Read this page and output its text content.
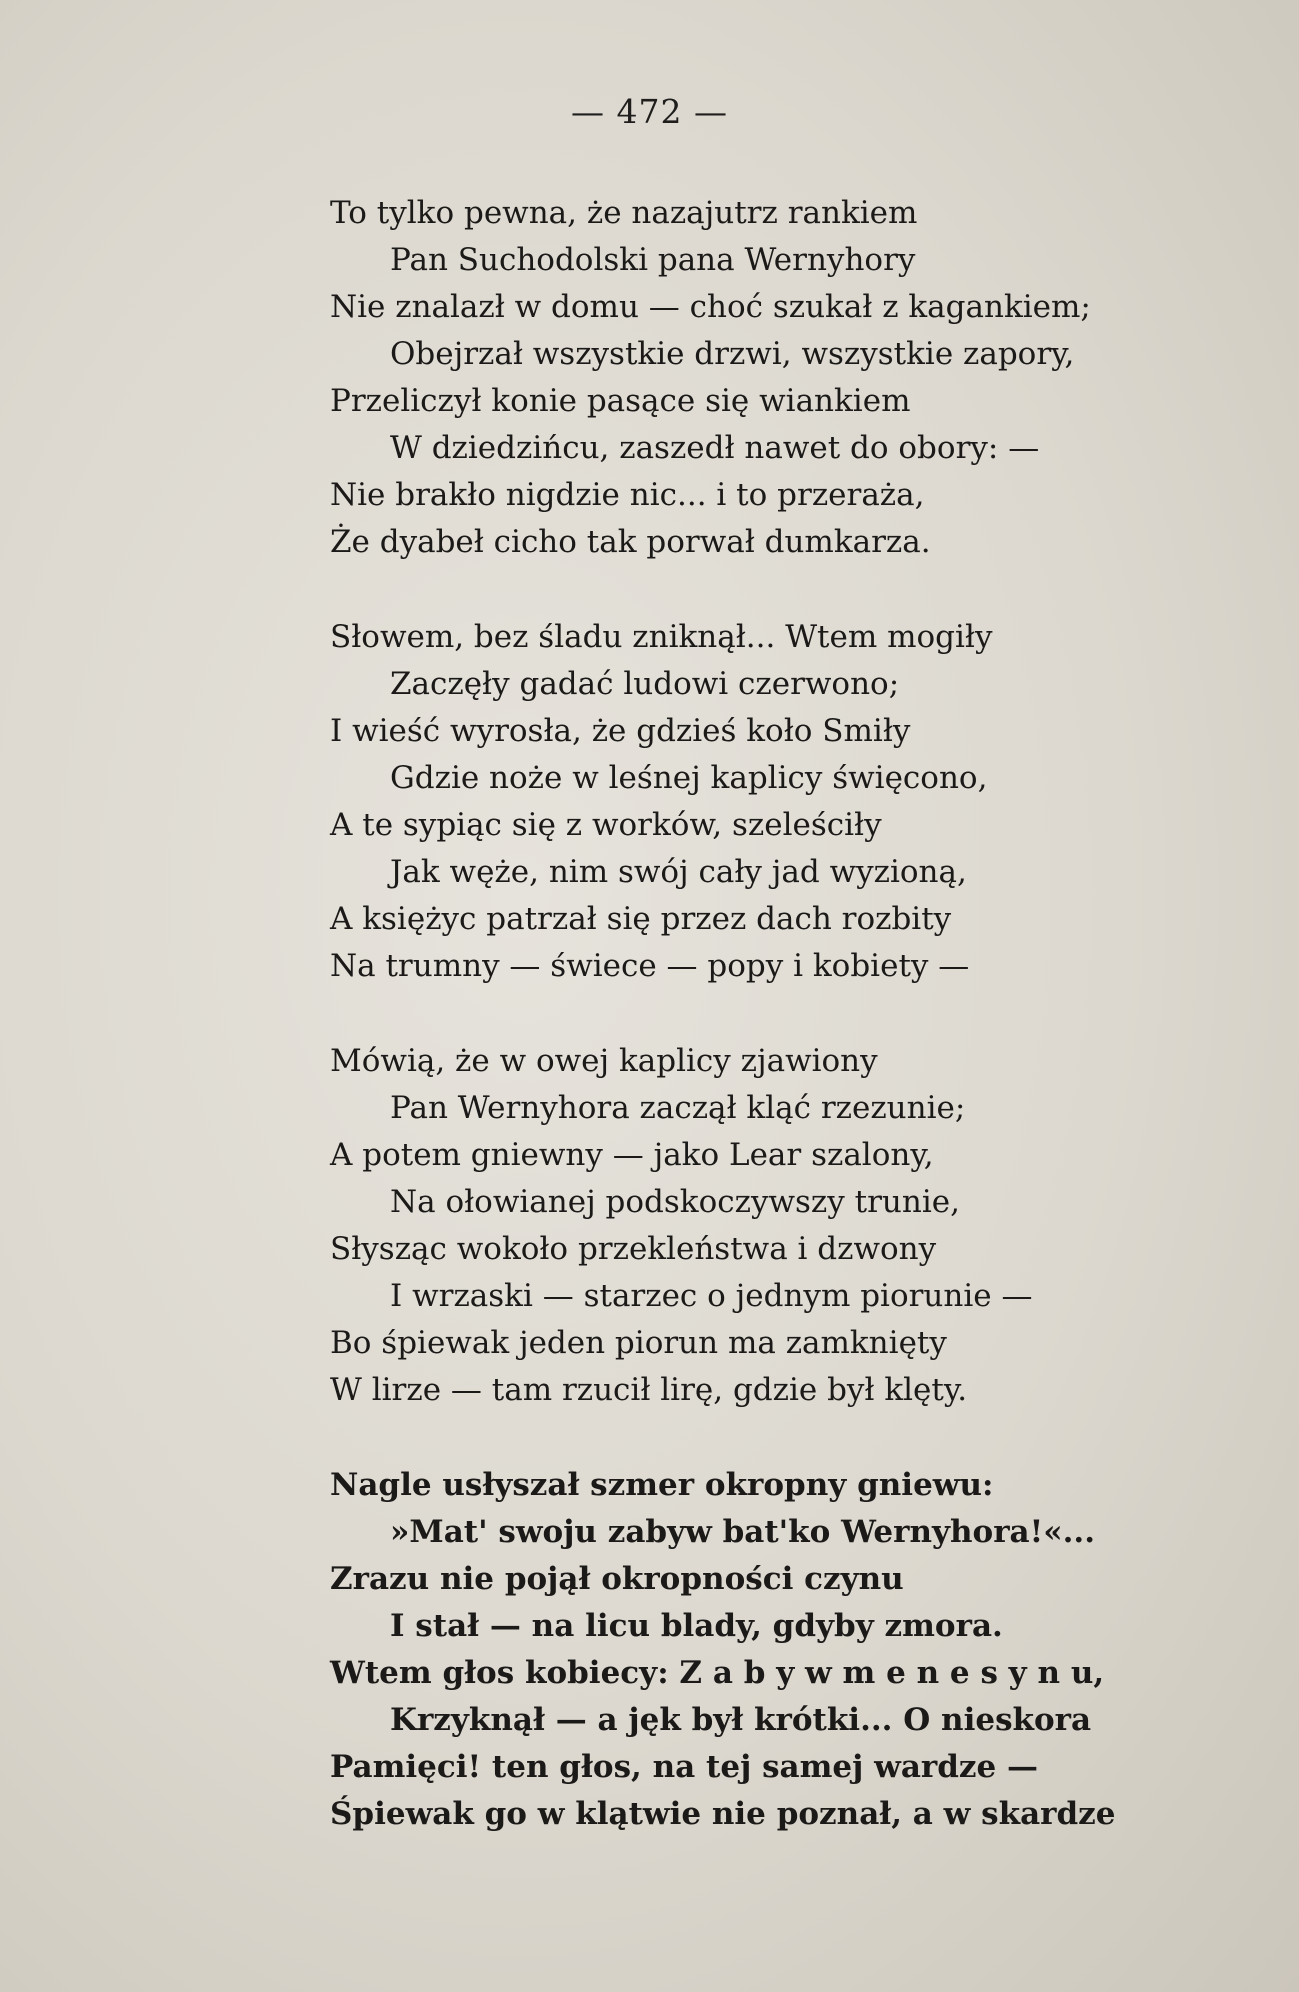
— 472 —
To tylko pewna, że nazajutrz rankiem
Pan Suchodolski pana Wernyhory
Nie znalazł w domu — choć szukał z kagankiem;
Obejrzał wszystkie drzwi, wszystkie zapory,
Przeliczył konie pasące się wiankiem
W dziedzińcu, zaszedł nawet do obory: —
Nie brakło nigdzie nic... i to przeraża,
Że dyabeł cicho tak porwał dumkarza.
Słowem, bez śladu zniknął... Wtem mogiły
Zaczęły gadać ludowi czerwono;
I wieść wyrosła, że gdzieś koło Smiły
Gdzie noże w leśnej kaplicy święcono,
A te sypiąc się z worków, szeleściły
Jak węże, nim swój cały jad wyzioną,
A księżyc patrzał się przez dach rozbity
Na trumny — świece — popy i kobiety —
Mówią, że w owej kaplicy zjawiony
Pan Wernyhora zaczął kląć rzezunie;
A potem gniewny — jako Lear szalony,
Na ołowianej podskoczywszy trunie,
Słysząc wokoło przekleństwa i dzwony
I wrzaski — starzec o jednym piorunie —
Bo śpiewak jeden piorun ma zamknięty
W lirze — tam rzucił lirę, gdzie był klęty.
Nagle usłyszał szmer okropny gniewu:
»Mat' swoju zabyw bat'ko Wernyhora!«...
Zrazu nie pojął okropności czynu
I stał — na licu blady, gdyby zmora.
Wtem głos kobiecy: Z a b y w m e n e s y n u,
Krzyknął — a jęk był krótki... O nieskora
Pamięci! ten głos, na tej samej wardze —
Śpiewak go w klątwie nie poznał, a w skardze
